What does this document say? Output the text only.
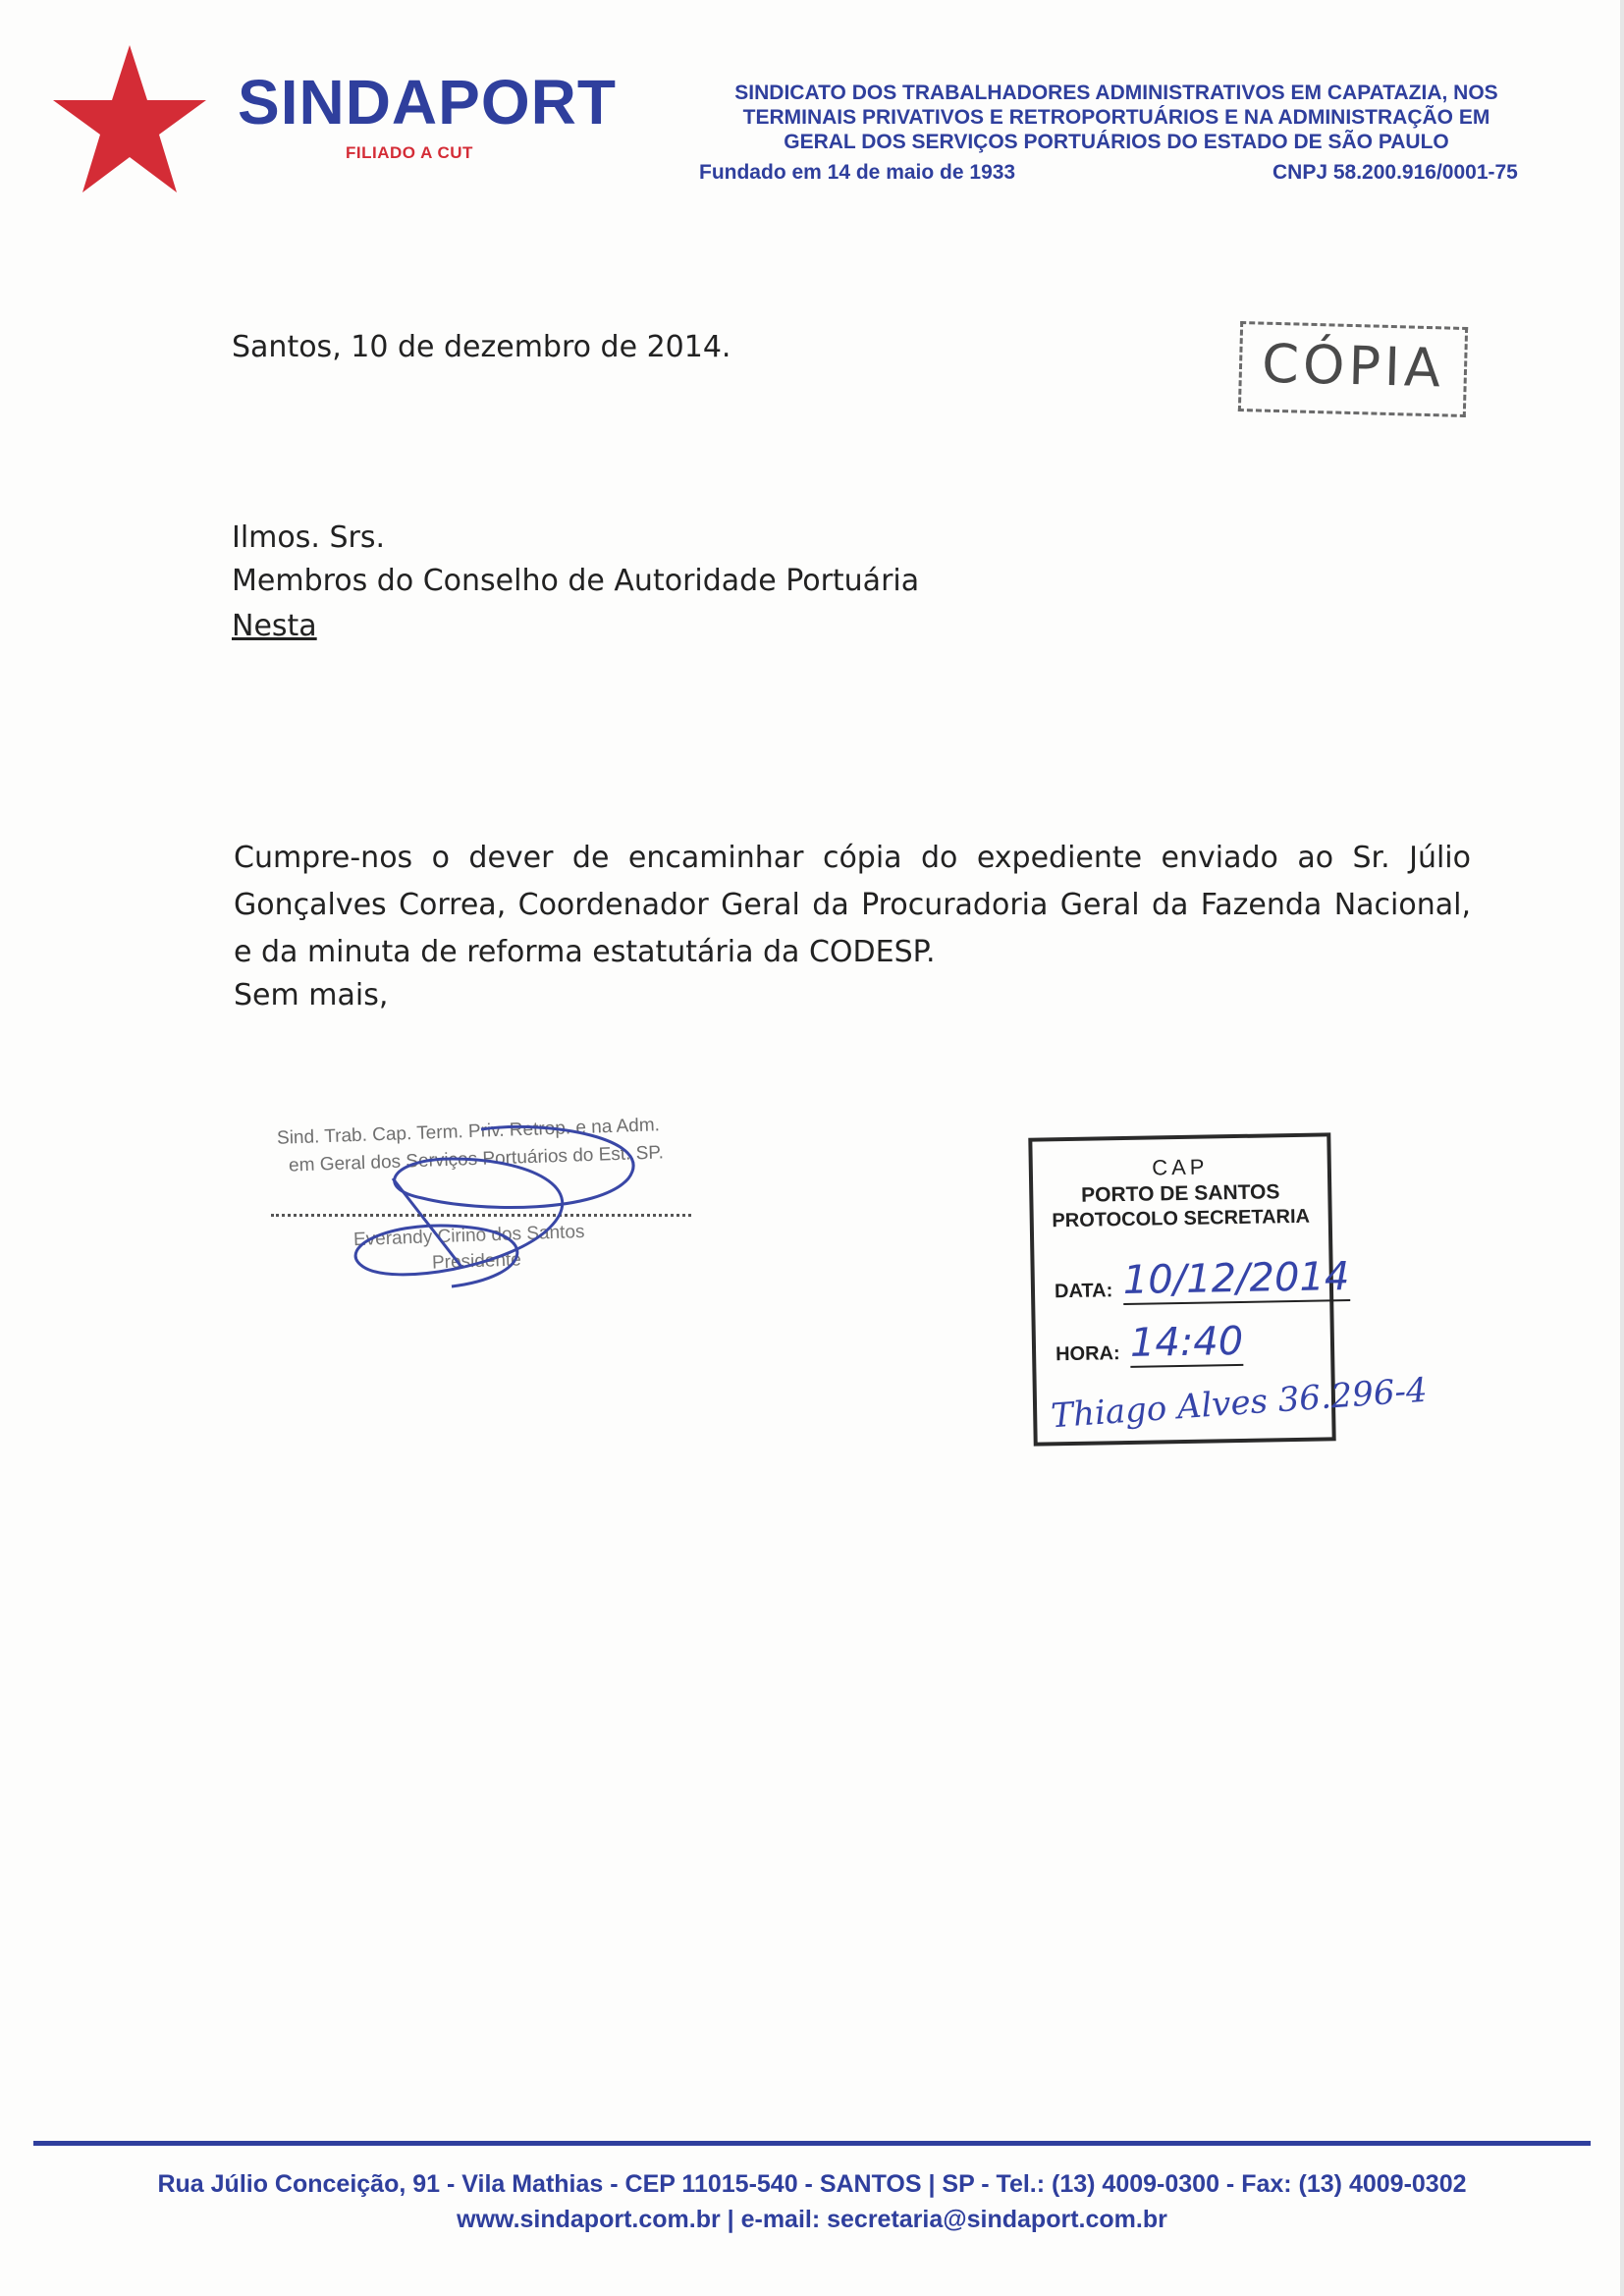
SINDAPORT
FILIADO A CUT
SINDICATO DOS TRABALHADORES ADMINISTRATIVOS EM CAPATAZIA, NOS
TERMINAIS PRIVATIVOS E RETROPORTUÁRIOS E NA ADMINISTRAÇÃO EM
GERAL DOS SERVIÇOS PORTUÁRIOS DO ESTADO DE SÃO PAULO
Fundado em 14 de maio de 1933	CNPJ 58.200.916/0001-75
Santos, 10 de dezembro de 2014.	CÓPIA
Ilmos. Srs.
Membros do Conselho de Autoridade Portuária
Nesta
Cumpre-nos o dever de encaminhar cópia do expediente enviado ao Sr. Júlio Gonçalves Correa, Coordenador Geral da Procuradoria Geral da Fazenda Nacional, e da minuta de reforma estatutária da CODESP.
Sem mais,
Sind. Trab. Cap. Term. Priv. Retrop. e na Adm.
em Geral dos Serviços Portuários do Est. SP.
Everandy Cirino dos Santos
Presidente
CAP
PORTO DE SANTOS
PROTOCOLO SECRETARIA
DATA: 10/12/2014
HORA: 14:40
Thiago Alves 36.296-4
Rua Júlio Conceição, 91 - Vila Mathias - CEP 11015-540 - SANTOS | SP - Tel.: (13) 4009-0300 - Fax: (13) 4009-0302
www.sindaport.com.br | e-mail: secretaria@sindaport.com.br
